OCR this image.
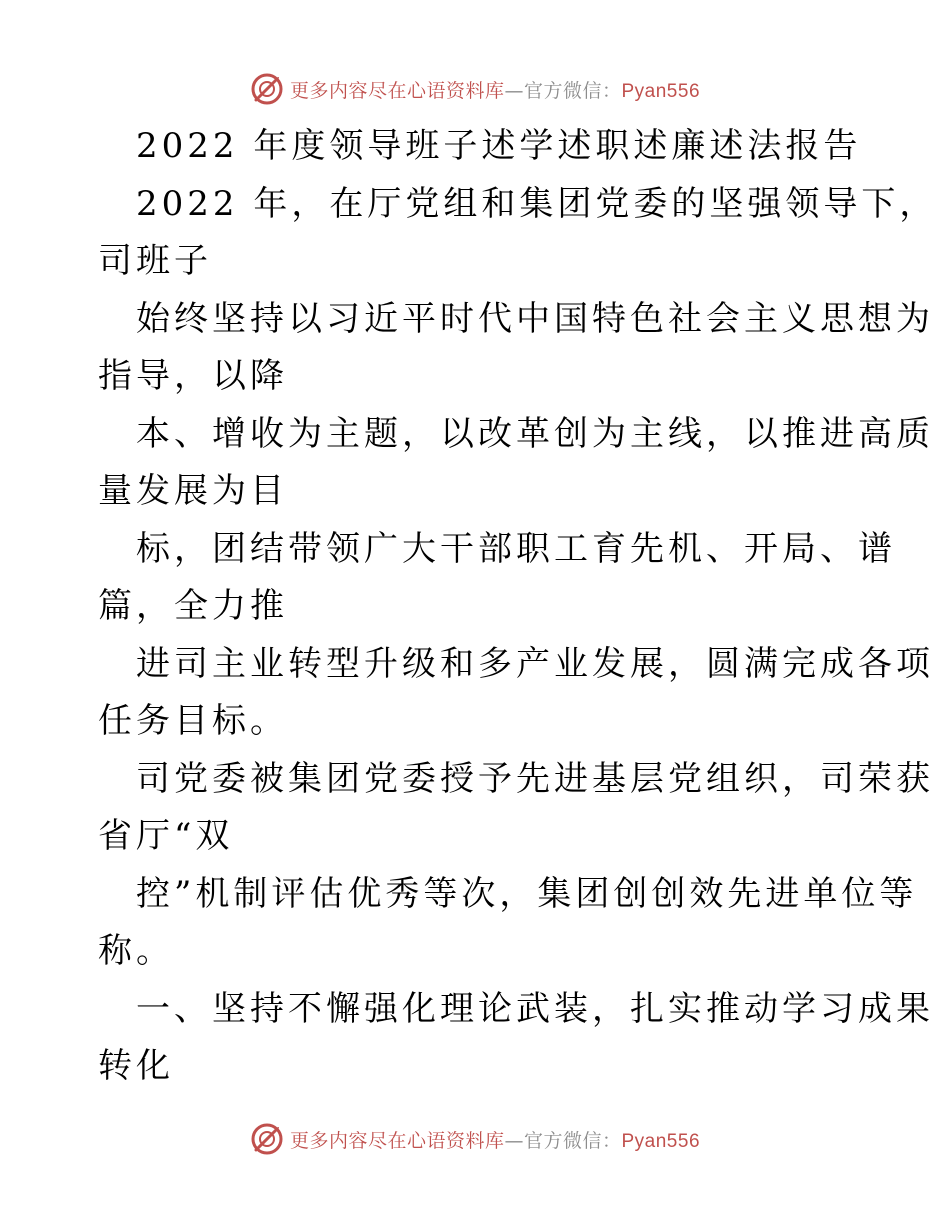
更多内容尽在心语资料库—官方微信：Pyan556
2022 年度领导班子述学述职述廉述法报告
2022 年，在厅党组和集团党委的坚强领导下，
司班子
始终坚持以习近平时代中国特色社会主义思想为
指导，以降
本、增收为主题，以改革创为主线，以推进高质
量发展为目
标，团结带领广大干部职工育先机、开局、谱
篇，全力推
进司主业转型升级和多产业发展，圆满完成各项
任务目标。
司党委被集团党委授予先进基层党组织，司荣获
省厅“双
控”机制评估优秀等次，集团创创效先进单位等
称。
一、坚持不懈强化理论武装，扎实推动学习成果
转化
更多内容尽在心语资料库—官方微信：Pyan556
